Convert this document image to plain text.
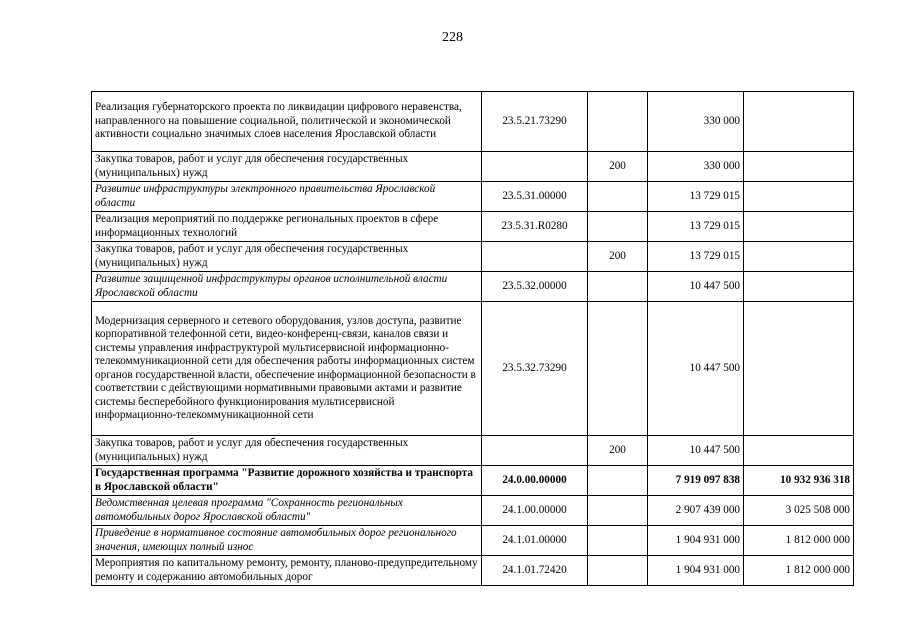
228
Реализация губернаторского проекта по ликвидации цифрового неравенства, направленного на повышение социальной, политической и экономической активности социально значимых слоев населения Ярославской области	23.5.21.73290		330 000	
Закупка товаров, работ и услуг для обеспечения государственных (муниципальных) нужд		200	330 000	
Развитие инфраструктуры электронного правительства Ярославской области	23.5.31.00000		13 729 015	
Реализация мероприятий по поддержке региональных проектов в сфере информационных технологий	23.5.31.R0280		13 729 015	
Закупка товаров, работ и услуг для обеспечения государственных (муниципальных) нужд		200	13 729 015	
Развитие защищенной инфраструктуры органов исполнительной власти Ярославской области	23.5.32.00000		10 447 500	
Модернизация серверного и сетевого оборудования, узлов доступа, развитие корпоративной телефонной сети, видео-конференц-связи, каналов связи и системы управления инфраструктурой мультисервисной информационно-телекоммуникационной сети для обеспечения работы информационных систем органов государственной власти, обеспечение информационной безопасности в соответствии с действующими нормативными правовыми актами и развитие системы бесперебойного функционирования мультисервисной информационно-телекоммуникационной сети	23.5.32.73290		10 447 500	
Закупка товаров, работ и услуг для обеспечения государственных (муниципальных) нужд		200	10 447 500	
Государственная программа "Развитие дорожного хозяйства и транспорта в Ярославской области"	24.0.00.00000		7 919 097 838	10 932 936 318
Ведомственная целевая программа "Сохранность региональных автомобильных дорог Ярославской области"	24.1.00.00000		2 907 439 000	3 025 508 000
Приведение в нормативное состояние автомобильных дорог регионального значения, имеющих полный износ	24.1.01.00000		1 904 931 000	1 812 000 000
Мероприятия по капитальному ремонту, ремонту, планово-предупредительному ремонту и содержанию автомобильных дорог	24.1.01.72420		1 904 931 000	1 812 000 000
